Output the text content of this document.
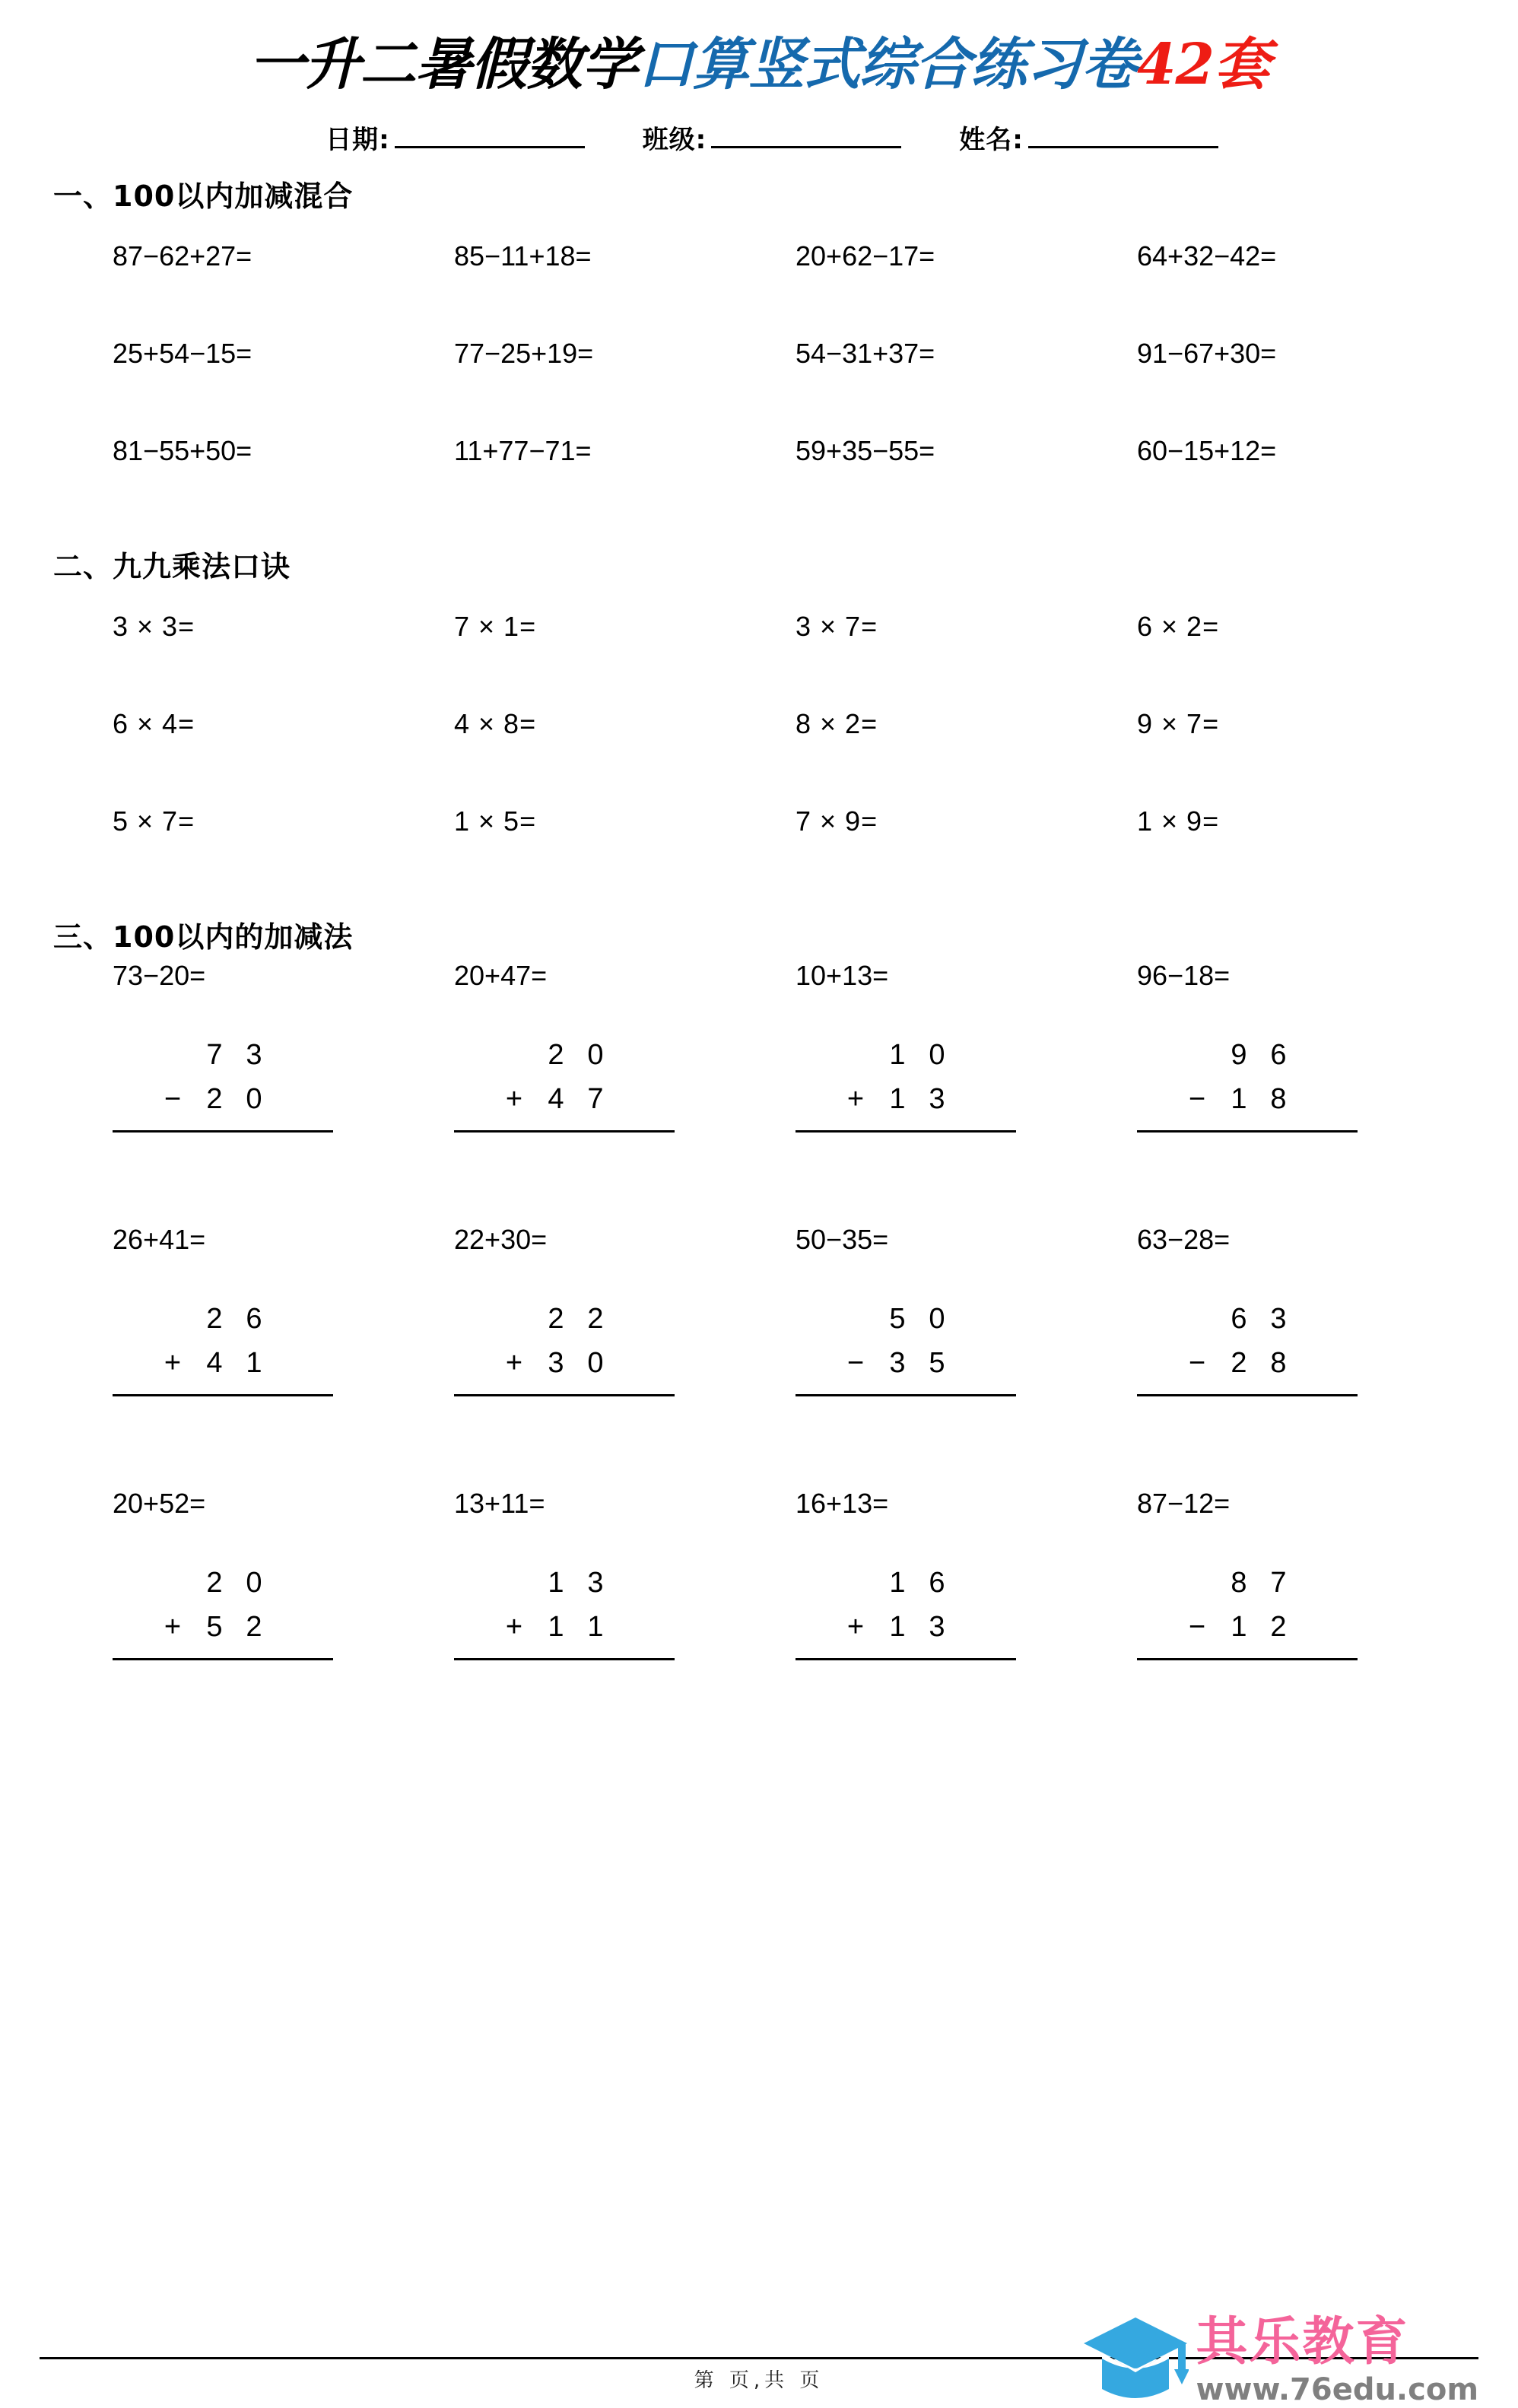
一升二暑假数学口算竖式综合练习卷42套
日期:	班级:	姓名:
一、100以内加减混合
87−62+27=	85−11+18=	20+62−17=	64+32−42=
25+54−15=	77−25+19=	54−31+37=	91−67+30=
81−55+50=	11+77−71=	59+35−55=	60−15+12=
二、九九乘法口诀
3 × 3=	7 × 1=	3 × 7=	6 × 2=
6 × 4=	4 × 8=	8 × 2=	9 × 7=
5 × 7=	1 × 5=	7 × 9=	1 × 9=
三、100以内的加减法
73−20=
7 3
− 2 0
20+47=
2 0
+ 4 7
10+13=
1 0
+ 1 3
96−18=
9 6
− 1 8
26+41=
2 6
+ 4 1
22+30=
2 2
+ 3 0
50−35=
5 0
− 3 5
63−28=
6 3
− 2 8
20+52=
2 0
+ 5 2
13+11=
1 3
+ 1 1
16+13=
1 6
+ 1 3
87−12=
8 7
− 1 2
第 页,共 页
其乐教育
www.76edu.com
